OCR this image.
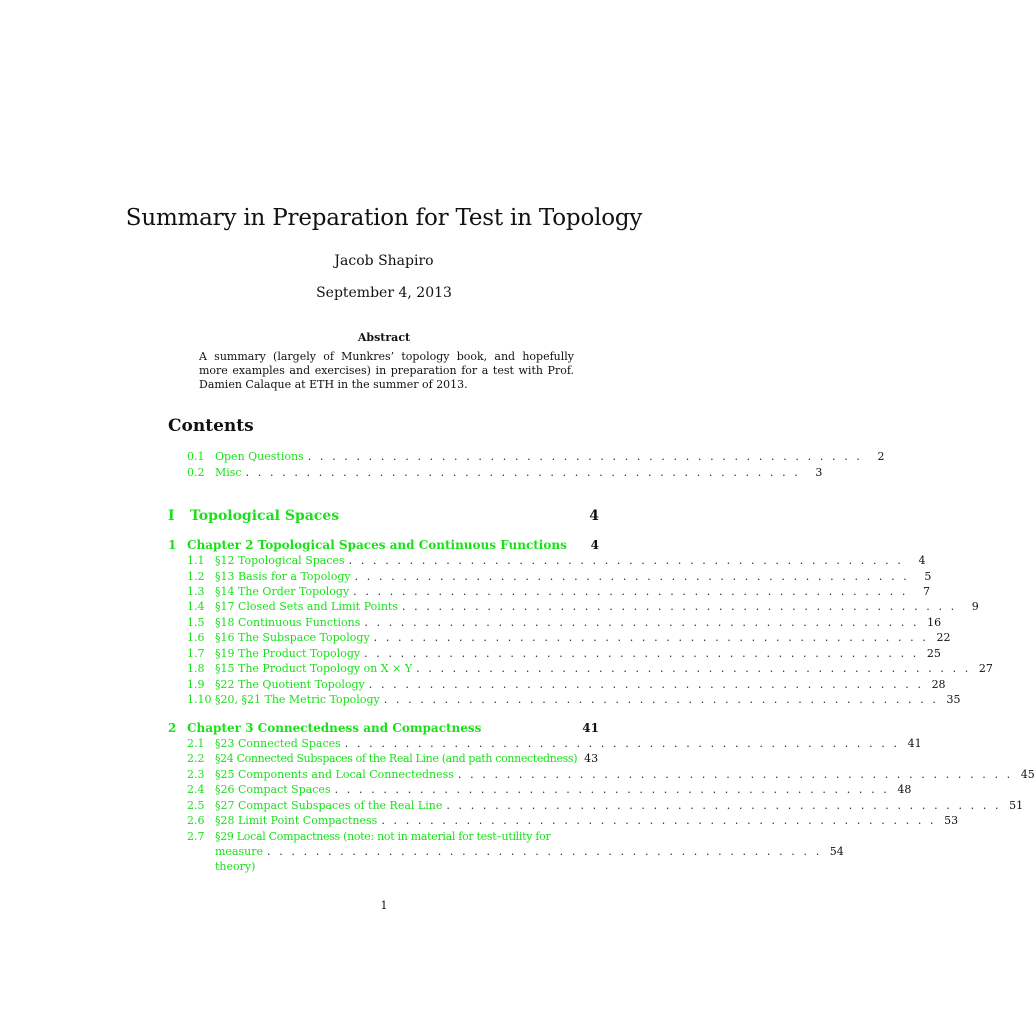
Summary in Preparation for Test in Topology
Jacob Shapiro
September 4, 2013
Abstract
A summary (largely of Munkres’ topology book, and hopefully more examples and exercises) in preparation for a test with Prof. Damien Calaque at ETH in the summer of 2013.
Contents
0.1 Open Questions . . . . . . . . . . . . . . . . . . . . . . . . . . . . . . . . . . . . . . . . . . . . . .	2
0.2 Misc . . . . . . . . . . . . . . . . . . . . . . . . . . . . . . . . . . . . . . . . . . . . . .	3
I	Topological Spaces	4
1 Chapter 2 Topological Spaces and Continuous Functions	4
1.1 §12 Topological Spaces . . . . . . . . . . . . . . . . . . . . . . . . . . . . . . . . . . . . . . . . . . . . . .	4
1.2 §13 Basis for a Topology . . . . . . . . . . . . . . . . . . . . . . . . . . . . . . . . . . . . . . . . . . . . . .	5
1.3 §14 The Order Topology . . . . . . . . . . . . . . . . . . . . . . . . . . . . . . . . . . . . . . . . . . . . . .	7
1.4 §17 Closed Sets and Limit Points . . . . . . . . . . . . . . . . . . . . . . . . . . . . . . . . . . . . . . . . . . . . . .	9
1.5 §18 Continuous Functions . . . . . . . . . . . . . . . . . . . . . . . . . . . . . . . . . . . . . . . . . . . . . . 16
1.6 §16 The Subspace Topology . . . . . . . . . . . . . . . . . . . . . . . . . . . . . . . . . . . . . . . . . . . . . . 22
1.7 §19 The Product Topology . . . . . . . . . . . . . . . . . . . . . . . . . . . . . . . . . . . . . . . . . . . . . . 25
1.8 §15 The Product Topology on X × Y . . . . . . . . . . . . . . . . . . . . . . . . . . . . . . . . . . . . . . . . . . . . . . 27
1.9 §22 The Quotient Topology . . . . . . . . . . . . . . . . . . . . . . . . . . . . . . . . . . . . . . . . . . . . . . 28
1.10 §20, §21 The Metric Topology . . . . . . . . . . . . . . . . . . . . . . . . . . . . . . . . . . . . . . . . . . . . . . 35
2 Chapter 3 Connectedness and Compactness	41
2.1 §23 Connected Spaces . . . . . . . . . . . . . . . . . . . . . . . . . . . . . . . . . . . . . . . . . . . . . . 41
2.2 §24 Connected Subspaces of the Real Line (and path connectedness) 43
2.3 §25 Components and Local Connectedness . . . . . . . . . . . . . . . . . . . . . . . . . . . . . . . . . . . . . . . . . . . . . . 45
2.4 §26 Compact Spaces . . . . . . . . . . . . . . . . . . . . . . . . . . . . . . . . . . . . . . . . . . . . . . 48
2.5 §27 Compact Subspaces of the Real Line . . . . . . . . . . . . . . . . . . . . . . . . . . . . . . . . . . . . . . . . . . . . . . 51
2.6 §28 Limit Point Compactness . . . . . . . . . . . . . . . . . . . . . . . . . . . . . . . . . . . . . . . . . . . . . . 53
2.7 §29 Local Compactness (note: not in material for test–utility for
measure theory)
. . . . . . . . . . . . . . . . . . . . . . . . . . . . . . . . . . . . . . . . . . . . . . 54
1
